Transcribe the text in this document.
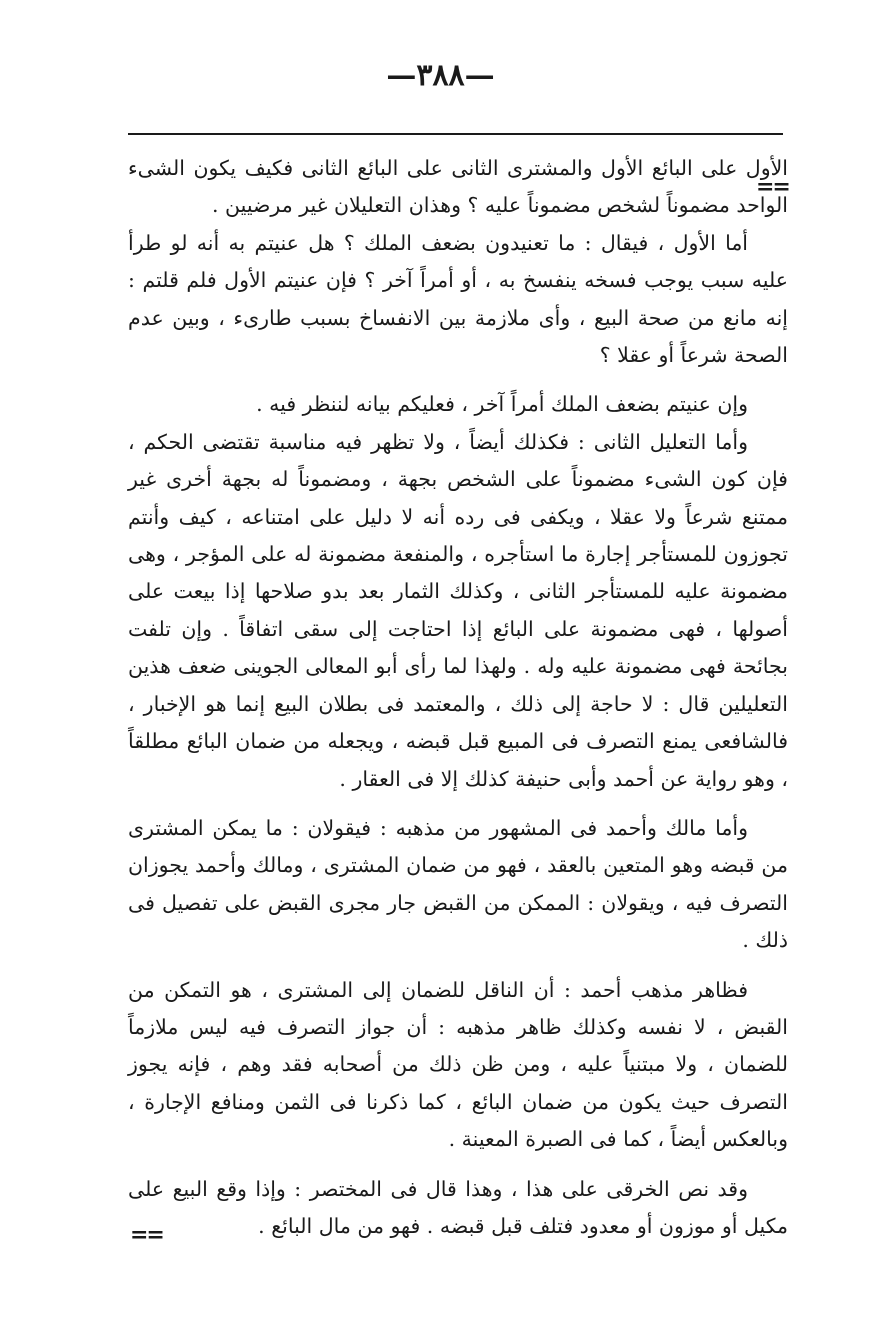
—٣٨٨—
==

الأول على البائع الأول والمشترى الثانى على البائع الثانى فكيف يكون الشىء الواحد مضموناً لشخص مضموناً عليه ؟ وهذان التعليلان غير مرضيين .

أما الأول ، فيقال : ما تعنيدون بضعف الملك ؟ هل عنيتم به أنه لو طرأ عليه سبب يوجب فسخه ينفسخ به ، أو أمراً آخر ؟ فإن عنيتم الأول فلم قلتم : إنه مانع من صحة البيع ، وأى ملازمة بين الانفساخ بسبب طارىء ، وبين عدم الصحة شرعاً أو عقلا ؟

وإن عنيتم بضعف الملك أمراً آخر ، فعليكم بيانه لننظر فيه .

وأما التعليل الثانى : فكذلك أيضاً ، ولا تظهر فيه مناسبة تقتضى الحكم ، فإن كون الشىء مضموناً على الشخص بجهة ، ومضموناً له بجهة أخرى غير ممتنع شرعاً ولا عقلا ، ويكفى فى رده أنه لا دليل على امتناعه ، كيف وأنتم تجوزون للمستأجر إجارة ما استأجره ، والمنفعة مضمونة له على المؤجر ، وهى مضمونة عليه للمستأجر الثانى ، وكذلك الثمار بعد بدو صلاحها إذا بيعت على أصولها ، فهى مضمونة على البائع إذا احتاجت إلى سقى اتفاقاً . وإن تلفت بجائحة فهى مضمونة عليه وله . ولهذا لما رأى أبو المعالى الجوينى ضعف هذين التعليلين قال : لا حاجة إلى ذلك ، والمعتمد فى بطلان البيع إنما هو الإخبار ، فالشافعى يمنع التصرف فى المبيع قبل قبضه ، ويجعله من ضمان البائع مطلقاً ، وهو رواية عن أحمد وأبى حنيفة كذلك إلا فى العقار .

وأما مالك وأحمد فى المشهور من مذهبه : فيقولان : ما يمكن المشترى من قبضه وهو المتعين بالعقد ، فهو من ضمان المشترى ، ومالك وأحمد يجوزان التصرف فيه ، ويقولان : الممكن من القبض جار مجرى القبض على تفصيل فى ذلك .

فظاهر مذهب أحمد : أن الناقل للضمان إلى المشترى ، هو التمكن من القبض ، لا نفسه وكذلك ظاهر مذهبه : أن جواز التصرف فيه ليس ملازماً للضمان ، ولا مبتنياً عليه ، ومن ظن ذلك من أصحابه فقد وهم ، فإنه يجوز التصرف حيث يكون من ضمان البائع ، كما ذكرنا فى الثمن ومنافع الإجارة ، وبالعكس أيضاً ، كما فى الصبرة المعينة .

وقد نص الخرقى على هذا ، وهذا قال فى المختصر : وإذا وقع البيع على مكيل أو موزون أو معدود فتلف قبل قبضه . فهو من مال البائع .

==
